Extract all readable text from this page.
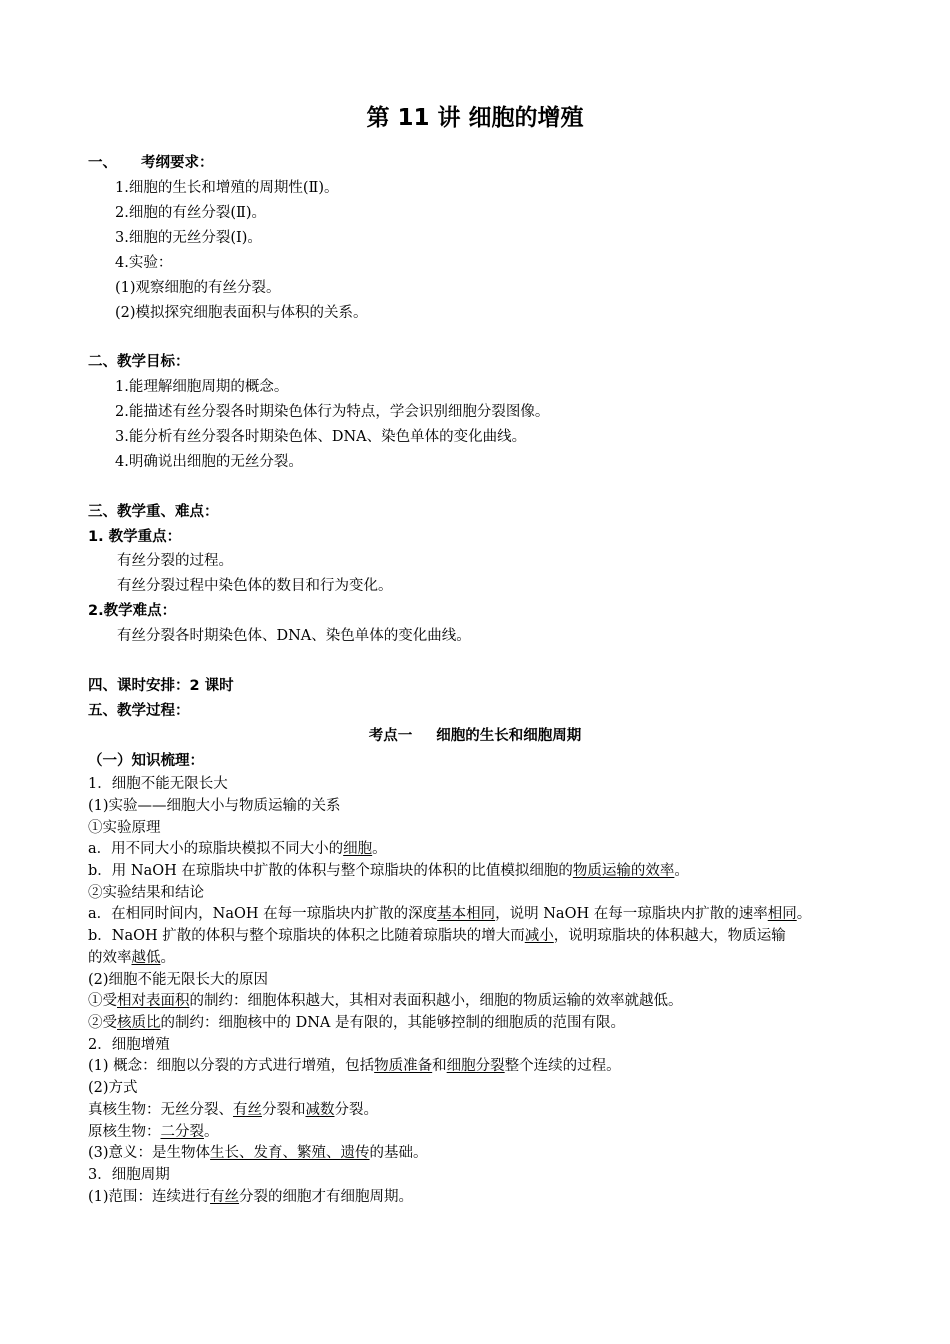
第 11 讲 细胞的增殖
一、 考纲要求：
1.细胞的生长和增殖的周期性(Ⅱ)。
2.细胞的有丝分裂(Ⅱ)。
3.细胞的无丝分裂(Ⅰ)。
4.实验：
(1)观察细胞的有丝分裂。
(2)模拟探究细胞表面积与体积的关系。
二、教学目标：
1.能理解细胞周期的概念。
2.能描述有丝分裂各时期染色体行为特点，学会识别细胞分裂图像。
3.能分析有丝分裂各时期染色体、DNA、染色单体的变化曲线。
4.明确说出细胞的无丝分裂。
三、教学重、难点：
1. 教学重点：
有丝分裂的过程。
有丝分裂过程中染色体的数目和行为变化。
2.教学难点：
有丝分裂各时期染色体、DNA、染色单体的变化曲线。
四、课时安排：2 课时
五、教学过程：
考点一 细胞的生长和细胞周期
（一）知识梳理：
1．细胞不能无限长大
(1)实验——细胞大小与物质运输的关系
①实验原理
a．用不同大小的琼脂块模拟不同大小的细胞。
b．用 NaOH 在琼脂块中扩散的体积与整个琼脂块的体积的比值模拟细胞的物质运输的效率。
②实验结果和结论
a．在相同时间内，NaOH 在每一琼脂块内扩散的深度基本相同，说明 NaOH 在每一琼脂块内扩散的速率相同。
b．NaOH 扩散的体积与整个琼脂块的体积之比随着琼脂块的增大而减小，说明琼脂块的体积越大，物质运输
的效率越低。
(2)细胞不能无限长大的原因
①受相对表面积的制约：细胞体积越大，其相对表面积越小，细胞的物质运输的效率就越低。
②受核质比的制约：细胞核中的 DNA 是有限的，其能够控制的细胞质的范围有限。
2．细胞增殖
(1) 概念：细胞以分裂的方式进行增殖，包括物质准备和细胞分裂整个连续的过程。
(2)方式
真核生物：无丝分裂、有丝分裂和减数分裂。
原核生物：二分裂。
(3)意义：是生物体生长、发育、繁殖、遗传的基础。
3．细胞周期
(1)范围：连续进行有丝分裂的细胞才有细胞周期。
